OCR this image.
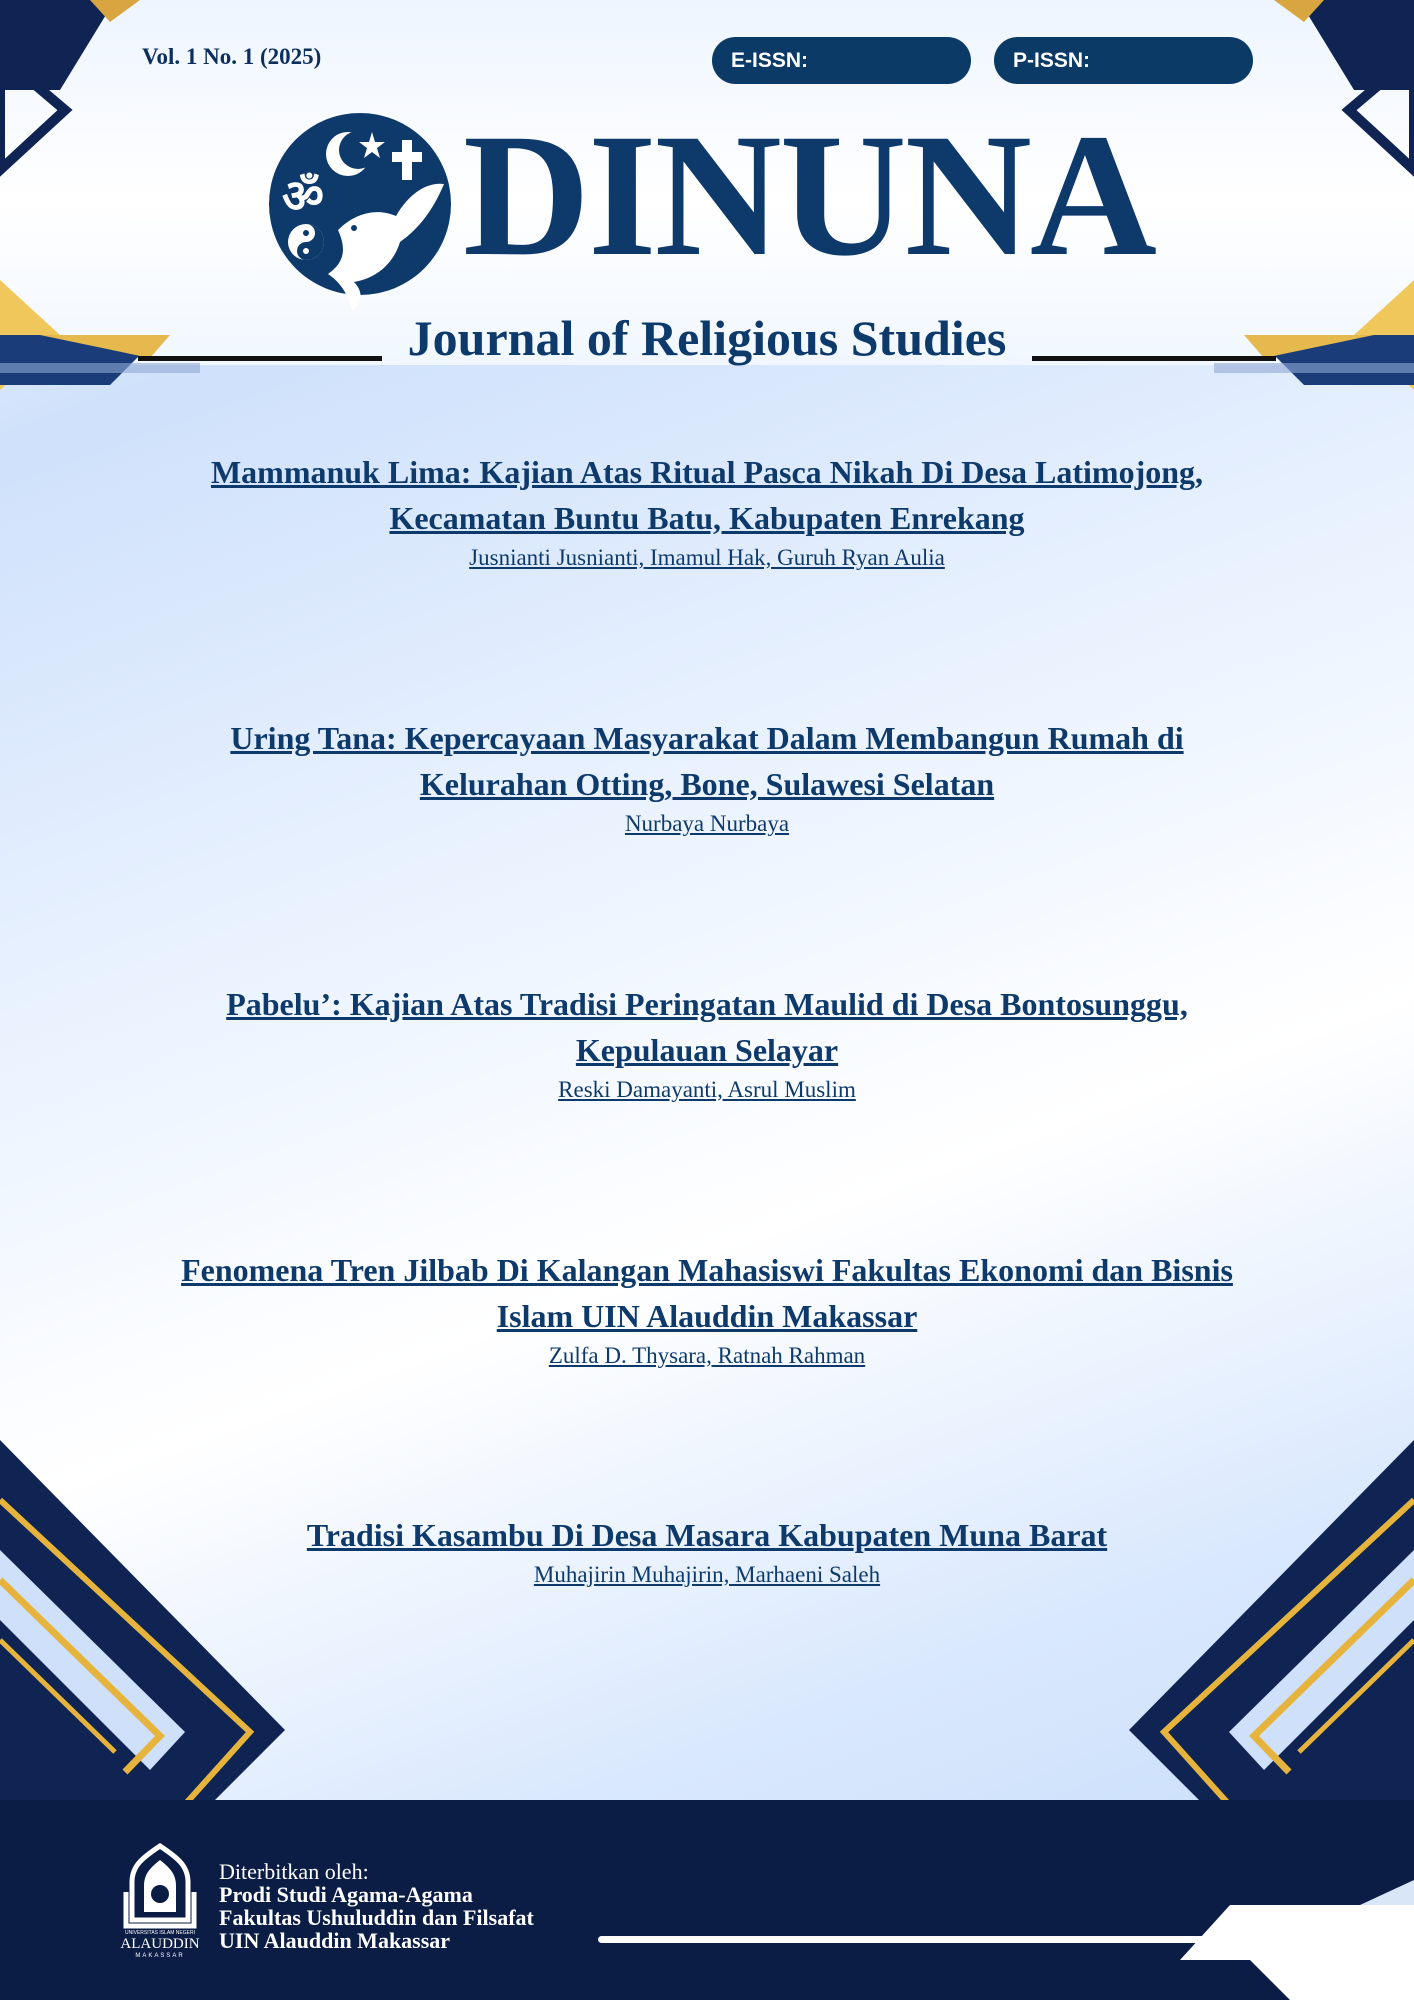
Vol. 1 No. 1 (2025)	E-ISSN:	P-ISSN:
ॐ DINUNA
Journal of Religious Studies
Mammanuk Lima: Kajian Atas Ritual Pasca Nikah Di Desa Latimojong,
Kecamatan Buntu Batu, Kabupaten Enrekang
Jusnianti Jusnianti, Imamul Hak, Guruh Ryan Aulia
Uring Tana: Kepercayaan Masyarakat Dalam Membangun Rumah di
Kelurahan Otting, Bone, Sulawesi Selatan
Nurbaya Nurbaya
Pabelu’: Kajian Atas Tradisi Peringatan Maulid di Desa Bontosunggu,
Kepulauan Selayar
Reski Damayanti, Asrul Muslim
Fenomena Tren Jilbab Di Kalangan Mahasiswi Fakultas Ekonomi dan Bisnis
Islam UIN Alauddin Makassar
Zulfa D. Thysara, Ratnah Rahman
Tradisi Kasambu Di Desa Masara Kabupaten Muna Barat
Muhajirin Muhajirin, Marhaeni Saleh
UNIVERSITAS ISLAM NEGERI
ALAUDDIN
MAKASSAR
Diterbitkan oleh:
Prodi Studi Agama-Agama
Fakultas Ushuluddin dan Filsafat
UIN Alauddin Makassar
